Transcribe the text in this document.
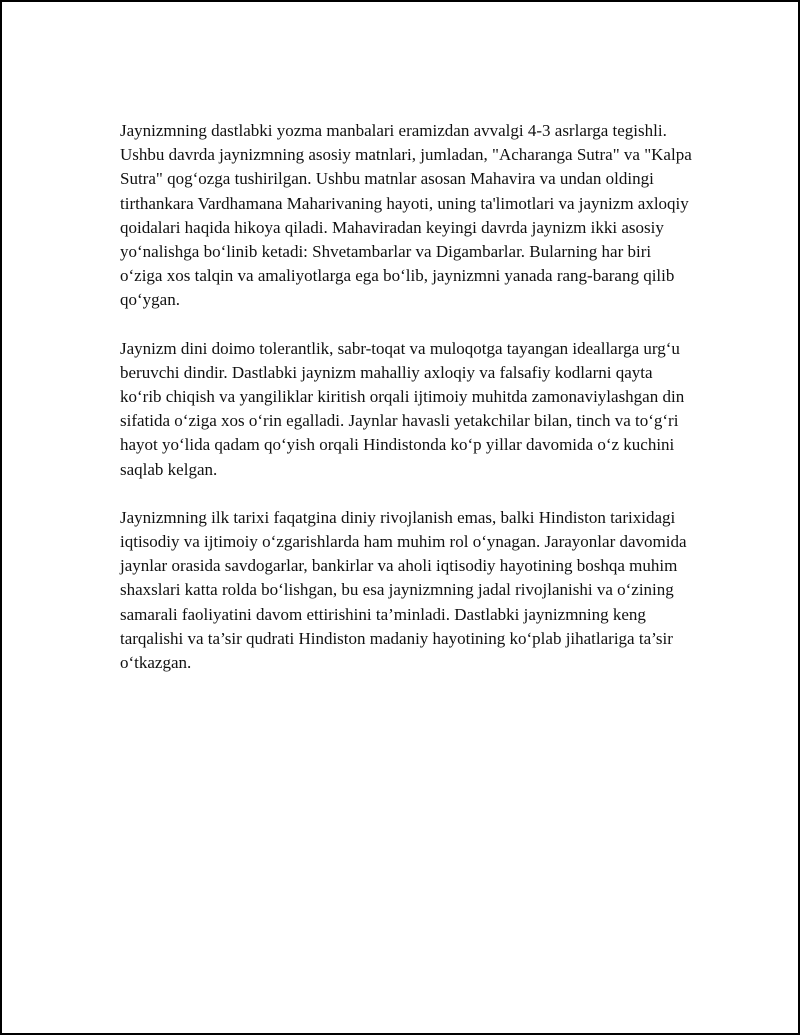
Jaynizmning dastlabki yozma manbalari eramizdan avvalgi 4-3 asrlarga tegishli. Ushbu davrda jaynizmning asosiy matnlari, jumladan, "Acharanga Sutra" va "Kalpa Sutra" qog‘ozga tushirilgan. Ushbu matnlar asosan Mahavira va undan oldingi tirthankara Vardhamana Maharivaning hayoti, uning ta'limotlari va jaynizm axloqiy qoidalari haqida hikoya qiladi. Mahaviradan keyingi davrda jaynizm ikki asosiy yo‘nalishga bo‘linib ketadi: Shvetambarlar va Digambarlar. Bularning har biri o‘ziga xos talqin va amaliyotlarga ega bo‘lib, jaynizmni yanada rang-barang qilib qo‘ygan.

Jaynizm dini doimo tolerantlik, sabr-toqat va muloqotga tayangan ideallarga urg‘u beruvchi dindir. Dastlabki jaynizm mahalliy axloqiy va falsafiy kodlarni qayta ko‘rib chiqish va yangiliklar kiritish orqali ijtimoiy muhitda zamonaviylashgan din sifatida o‘ziga xos o‘rin egalladi. Jaynlar havasli yetakchilar bilan, tinch va to‘g‘ri hayot yo‘lida qadam qo‘yish orqali Hindistonda ko‘p yillar davomida o‘z kuchini saqlab kelgan.

Jaynizmning ilk tarixi faqatgina diniy rivojlanish emas, balki Hindiston tarixidagi iqtisodiy va ijtimoiy o‘zgarishlarda ham muhim rol o‘ynagan. Jarayonlar davomida jaynlar orasida savdogarlar, bankirlar va aholi iqtisodiy hayotining boshqa muhim shaxslari katta rolda bo‘lishgan, bu esa jaynizmning jadal rivojlanishi va o‘zining samarali faoliyatini davom ettirishini ta’minladi. Dastlabki jaynizmning keng tarqalishi va ta’sir qudrati Hindiston madaniy hayotining ko‘plab jihatlariga ta’sir o‘tkazgan.
